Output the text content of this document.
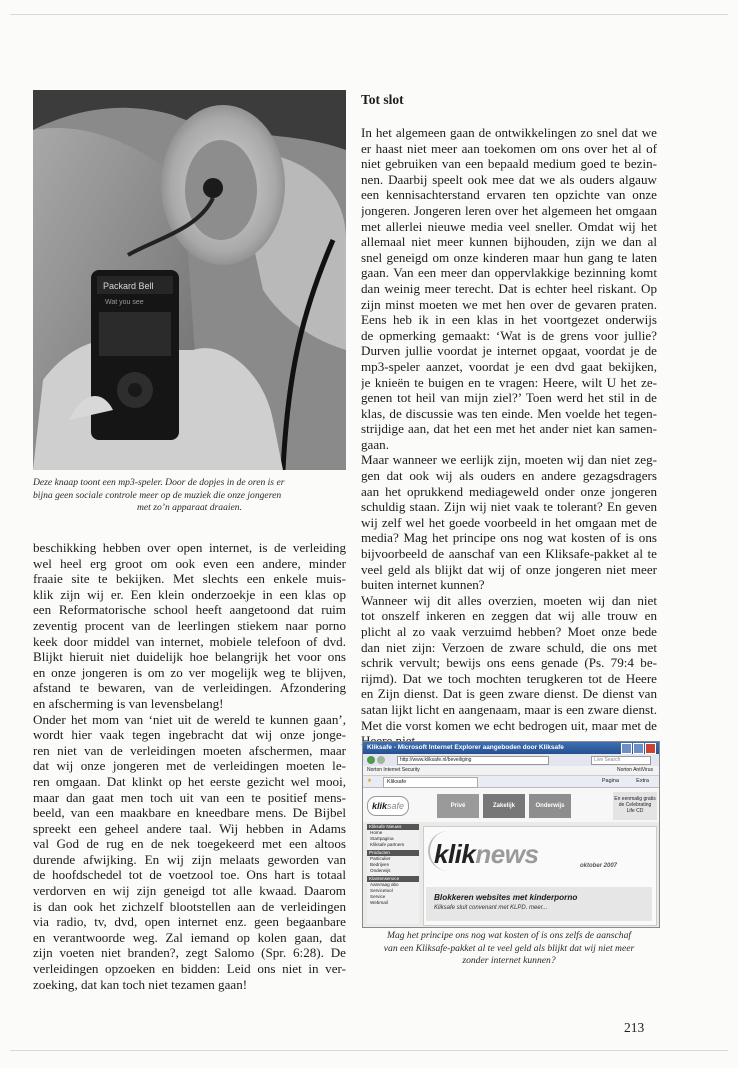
Packard Bell
Wat you see
Deze knaap toont een mp3-speler. Door de dopjes in de oren is er
bijna geen sociale controle meer op de muziek die onze jongeren
met zo’n apparaat draaien.
beschikking hebben over open internet, is de verleiding
wel heel erg groot om ook even een andere, minder
fraaie site te bekijken. Met slechts een enkele muis-
klik zijn wij er. Een klein onderzoekje in een klas op
een Reformatorische school heeft aangetoond dat ruim
zeventig procent van de leerlingen stiekem naar porno
keek door middel van internet, mobiele telefoon of dvd.
Blijkt hieruit niet duidelijk hoe belangrijk het voor ons
en onze jongeren is om zo ver mogelijk weg te blijven,
afstand te bewaren, van de verleidingen. Afzondering
en afscherming is van levensbelang!
Onder het mom van ‘niet uit de wereld te kunnen gaan’,
wordt hier vaak tegen ingebracht dat wij onze jonge-
ren niet van de verleidingen moeten afschermen, maar
dat wij onze jongeren met de verleidingen moeten le-
ren omgaan. Dat klinkt op het eerste gezicht wel mooi,
maar dan gaat men toch uit van een te positief mens-
beeld, van een maakbare en kneedbare mens. De Bijbel
spreekt een geheel andere taal. Wij hebben in Adams
val God de rug en de nek toegekeerd met een altoos
durende afwijking. En wij zijn melaats geworden van
de hoofdschedel tot de voetzool toe. Ons hart is totaal
verdorven en wij zijn geneigd tot alle kwaad. Daarom
is dan ook het zichzelf blootstellen aan de verleidingen
via radio, tv, dvd, open internet enz. geen begaanbare
en verantwoorde weg. Zal iemand op kolen gaan, dat
zijn voeten niet branden?, zegt Salomo (Spr. 6:28). De
verleidingen opzoeken en bidden: Leid ons niet in ver-
zoeking, dat kan toch niet tezamen gaan!
Tot slot
In het algemeen gaan de ontwikkelingen zo snel dat we
er haast niet meer aan toekomen om ons over het al of
niet gebruiken van een bepaald medium goed te bezin-
nen. Daarbij speelt ook mee dat we als ouders algauw
een kennisachterstand ervaren ten opzichte van onze
jongeren. Jongeren leren over het algemeen het omgaan
met allerlei nieuwe media veel sneller. Omdat wij het
allemaal niet meer kunnen bijhouden, zijn we dan al
snel geneigd om onze kinderen maar hun gang te laten
gaan. Van een meer dan oppervlakkige bezinning komt
dan weinig meer terecht. Dat is echter heel riskant. Op
zijn minst moeten we met hen over de gevaren praten.
Eens heb ik in een klas in het voortgezet onderwijs
de opmerking gemaakt: ‘Wat is de grens voor jullie?
Durven jullie voordat je internet opgaat, voordat je de
mp3-speler aanzet, voordat je een dvd gaat bekijken,
je knieën te buigen en te vragen: Heere, wilt U het ze-
genen tot heil van mijn ziel?’ Toen werd het stil in de
klas, de discussie was ten einde. Men voelde het tegen-
strijdige aan, dat het een met het ander niet kan samen-
gaan.
Maar wanneer we eerlijk zijn, moeten wij dan niet zeg-
gen dat ook wij als ouders en andere gezagsdragers
aan het oprukkend mediageweld onder onze jongeren
schuldig staan. Zijn wij niet vaak te tolerant? En geven
wij zelf wel het goede voorbeeld in het omgaan met de
media? Mag het principe ons nog wat kosten of is ons
bijvoorbeeld de aanschaf van een Kliksafe-pakket al te
veel geld als blijkt dat wij of onze jongeren niet meer
buiten internet kunnen?
Wanneer wij dit alles overzien, moeten wij dan niet
tot onszelf inkeren en zeggen dat wij alle trouw en
plicht al zo vaak verzuimd hebben? Moet onze bede
dan niet zijn: Verzoen de zware schuld, die ons met
schrik vervult; bewijs ons eens genade (Ps. 79:4 be-
rijmd). Dat we toch mochten terugkeren tot de Heere
en Zijn dienst. Dat is geen zware dienst. De dienst van
satan lijkt licht en aangenaam, maar is een zware dienst.
Met die vorst komen we echt bedrogen uit, maar met de
Kliksafe - Microsoft Internet Explorer aangeboden door Kliksafe
http://www.kliksafe.nl/beveiliging	Live Search
Norton Internet Security	Norton AntiVirus
★	Kliksafe	Pagina	Extra
kliksafe	Privé	Zakelijk	Onderwijs
En eenmalig gratis
de Celebrating
Life CD
Kliksafe Nieuws
Home
Startpagina
Kliksafe partners
Producten
Particulier
Bedrijven
Onderwijs
Klantenservice
Aanvraag abo
Servicetool
Service
Webmail
kliknews	oktober 2007
Blokkeren websites met kinderporno
Kliksafe sluit convenant met KLPD. meer...
Mag het principe ons nog wat kosten of is ons zelfs de aanschaf
van een Kliksafe-pakket al te veel geld als blijkt dat wij niet meer
zonder internet kunnen?
213
